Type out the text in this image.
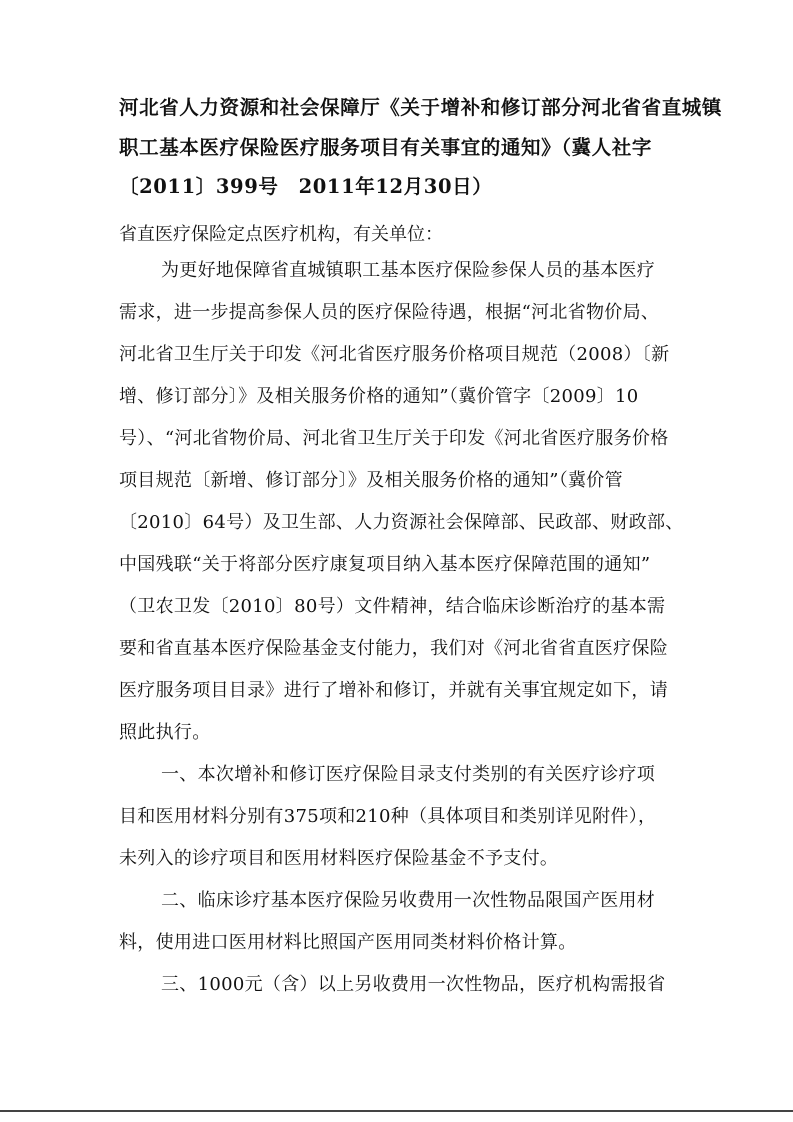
河北省人力资源和社会保障厅《关于增补和修订部分河北省省直城镇
职工基本医疗保险医疗服务项目有关事宜的通知》（冀人社字
〔2011〕399号　2011年12月30日）

省直医疗保险定点医疗机构，有关单位：

为更好地保障省直城镇职工基本医疗保险参保人员的基本医疗
需求，进一步提高参保人员的医疗保险待遇，根据“河北省物价局、
河北省卫生厅关于印发《河北省医疗服务价格项目规范（2008）〔新
增、修订部分〕》及相关服务价格的通知”（冀价管字〔2009〕10
号）、“河北省物价局、河北省卫生厅关于印发《河北省医疗服务价格
项目规范〔新增、修订部分〕》及相关服务价格的通知”（冀价管
〔2010〕64号）及卫生部、人力资源社会保障部、民政部、财政部、
中国残联“关于将部分医疗康复项目纳入基本医疗保障范围的通知”
（卫农卫发〔2010〕80号）文件精神，结合临床诊断治疗的基本需
要和省直基本医疗保险基金支付能力，我们对《河北省省直医疗保险
医疗服务项目目录》进行了增补和修订，并就有关事宜规定如下，请
照此执行。
一、本次增补和修订医疗保险目录支付类别的有关医疗诊疗项
目和医用材料分别有375项和210种（具体项目和类别详见附件），
未列入的诊疗项目和医用材料医疗保险基金不予支付。
二、临床诊疗基本医疗保险另收费用一次性物品限国产医用材
料，使用进口医用材料比照国产医用同类材料价格计算。
三、1000元（含）以上另收费用一次性物品，医疗机构需报省
